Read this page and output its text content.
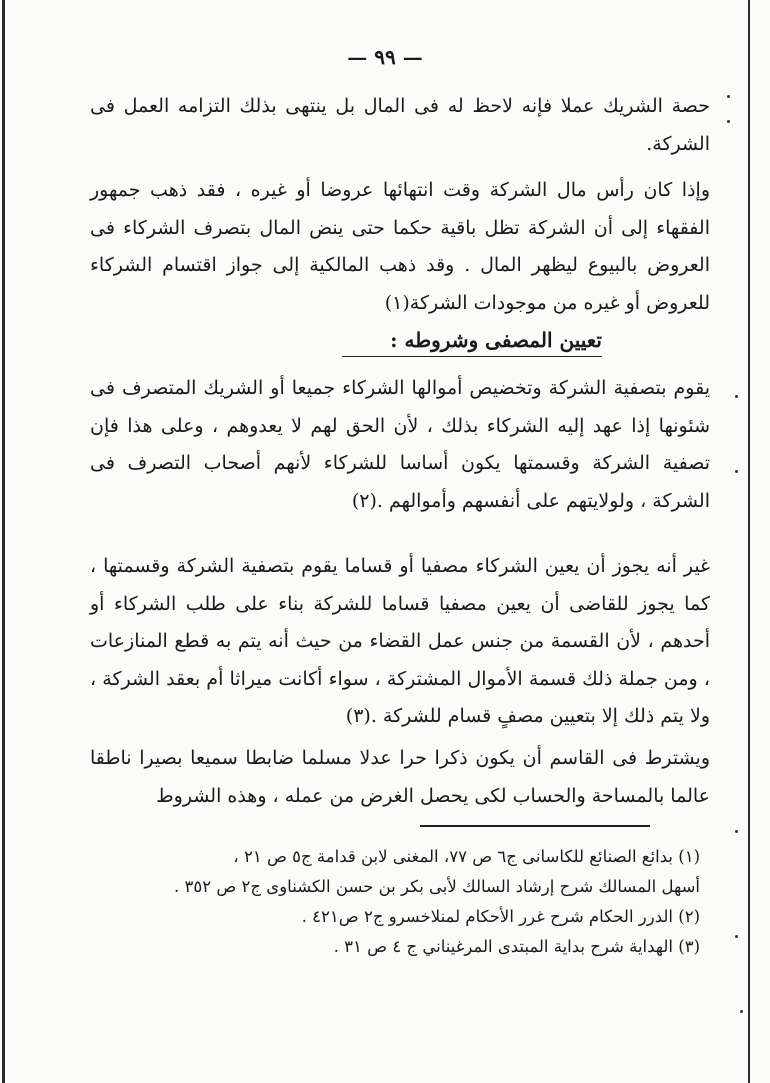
— ٩٩ —

حصة الشريك عملا فإنه لاحظ له فى المال بل ينتهى بذلك التزامه العمل فى الشركة.

وإذا كان رأس مال الشركة وقت انتهائها عروضا أو غيره ، فقد ذهب جمهور الفقهاء إلى أن الشركة تظل باقية حكما حتى ينض المال بتصرف الشركاء فى العروض بالبيوع ليظهر المال . وقد ذهب المالكية إلى جواز اقتسام الشركاء للعروض أو غيره من موجودات الشركة(١)

تعيين المصفى وشروطه :

يقوم بتصفية الشركة وتخضيص أموالها الشركاء جميعا أو الشريك المتصرف فى شئونها إذا عهد إليه الشركاء بذلك ، لأن الحق لهم لا يعدوهم ، وعلى هذا فإن تصفية الشركة وقسمتها يكون أساسا للشركاء لأنهم أصحاب التصرف فى الشركة ، ولولايتهم على أنفسهم وأموالهم .(٢)

غير أنه يجوز أن يعين الشركاء مصفيا أو قساما يقوم بتصفية الشركة وقسمتها ، كما يجوز للقاضى أن يعين مصفيا قساما للشركة بناء على طلب الشركاء أو أحدهم ، لأن القسمة من جنس عمل القضاء من حيث أنه يتم به قطع المنازعات ، ومن جملة ذلك قسمة الأموال المشتركة ، سواء أكانت ميراثا أم بعقد الشركة ، ولا يتم ذلك إلا بتعيين مصفٍ قسام للشركة .(٣)

ويشترط فى القاسم أن يكون ذكرا حرا عدلا مسلما ضابطا سميعا بصيرا ناطقا عالما بالمساحة والحساب لكى يحصل الغرض من عمله ، وهذه الشروط

(١) بدائع الصنائع للكاسانى ج٦ ص ٧٧، المغنى لابن قدامة ج٥ ص ٢١ ،

أسهل المسالك شرح إرشاد السالك لأبى بكر بن حسن الكشناوى ج٢ ص ٣٥٢ .

(٢) الدرر الحكام شرح غرر الأحكام لمنلاخسرو ج٢ ص٤٢١ .

(٣) الهداية شرح بداية المبتدى المرغيناني ج ٤ ص ٣١ .
